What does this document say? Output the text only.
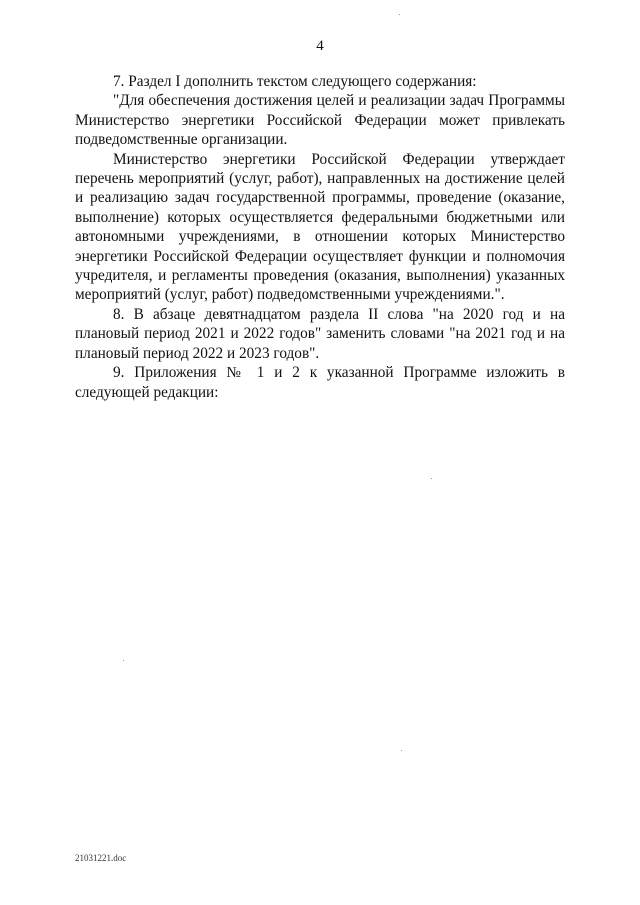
4

7. Раздел I дополнить текстом следующего содержания:

"Для обеспечения достижения целей и реализации задач Программы Министерство энергетики Российской Федерации может привлекать подведомственные организации.

Министерство энергетики Российской Федерации утверждает перечень мероприятий (услуг, работ), направленных на достижение целей и реализацию задач государственной программы, проведение (оказание, выполнение) которых осуществляется федеральными бюджетными или автономными учреждениями, в отношении которых Министерство энергетики Российской Федерации осуществляет функции и полномочия учредителя, и регламенты проведения (оказания, выполнения) указанных мероприятий (услуг, работ) подведомственными учреждениями.".

8. В абзаце девятнадцатом раздела II слова "на 2020 год и на плановый период 2021 и 2022 годов" заменить словами "на 2021 год и на плановый период 2022 и 2023 годов".

9. Приложения № 1 и 2 к указанной Программе изложить в следующей редакции:

21031221.doc
